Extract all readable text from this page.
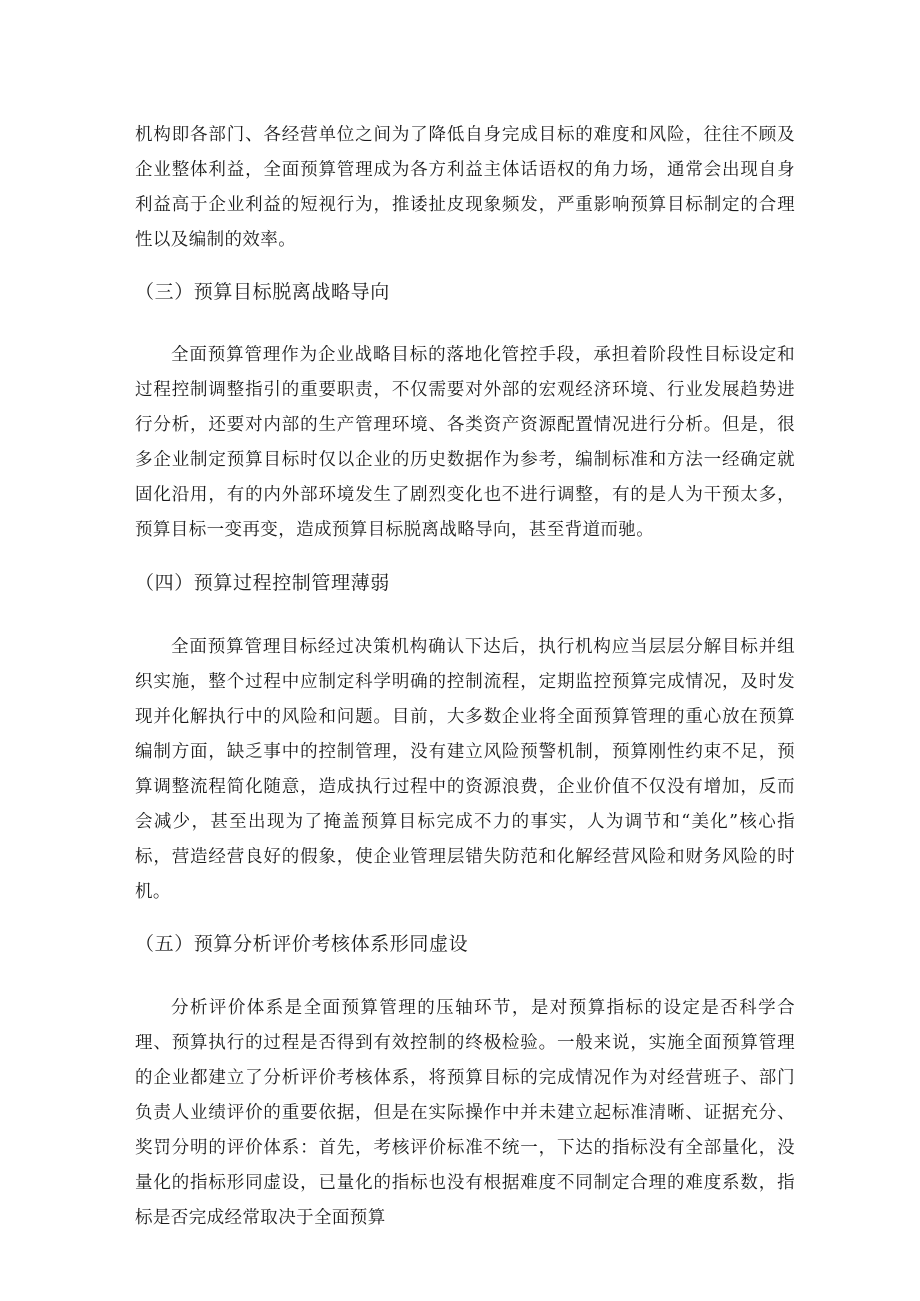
机构即各部门、各经营单位之间为了降低自身完成目标的难度和风险，往往不顾及企业整体利益，全面预算管理成为各方利益主体话语权的角力场，通常会出现自身利益高于企业利益的短视行为，推诿扯皮现象频发，严重影响预算目标制定的合理性以及编制的效率。

（三）预算目标脱离战略导向

全面预算管理作为企业战略目标的落地化管控手段，承担着阶段性目标设定和过程控制调整指引的重要职责，不仅需要对外部的宏观经济环境、行业发展趋势进行分析，还要对内部的生产管理环境、各类资产资源配置情况进行分析。但是，很多企业制定预算目标时仅以企业的历史数据作为参考，编制标准和方法一经确定就固化沿用，有的内外部环境发生了剧烈变化也不进行调整，有的是人为干预太多，预算目标一变再变，造成预算目标脱离战略导向，甚至背道而驰。

（四）预算过程控制管理薄弱

全面预算管理目标经过决策机构确认下达后，执行机构应当层层分解目标并组织实施，整个过程中应制定科学明确的控制流程，定期监控预算完成情况，及时发现并化解执行中的风险和问题。目前，大多数企业将全面预算管理的重心放在预算编制方面，缺乏事中的控制管理，没有建立风险预警机制，预算刚性约束不足，预算调整流程简化随意，造成执行过程中的资源浪费，企业价值不仅没有增加，反而会减少，甚至出现为了掩盖预算目标完成不力的事实，人为调节和“美化”核心指标，营造经营良好的假象，使企业管理层错失防范和化解经营风险和财务风险的时机。

（五）预算分析评价考核体系形同虚设

分析评价体系是全面预算管理的压轴环节，是对预算指标的设定是否科学合理、预算执行的过程是否得到有效控制的终极检验。一般来说，实施全面预算管理的企业都建立了分析评价考核体系，将预算目标的完成情况作为对经营班子、部门负责人业绩评价的重要依据，但是在实际操作中并未建立起标准清晰、证据充分、奖罚分明的评价体系：首先，考核评价标准不统一，下达的指标没有全部量化，没量化的指标形同虚设，已量化的指标也没有根据难度不同制定合理的难度系数，指标是否完成经常取决于全面预算
